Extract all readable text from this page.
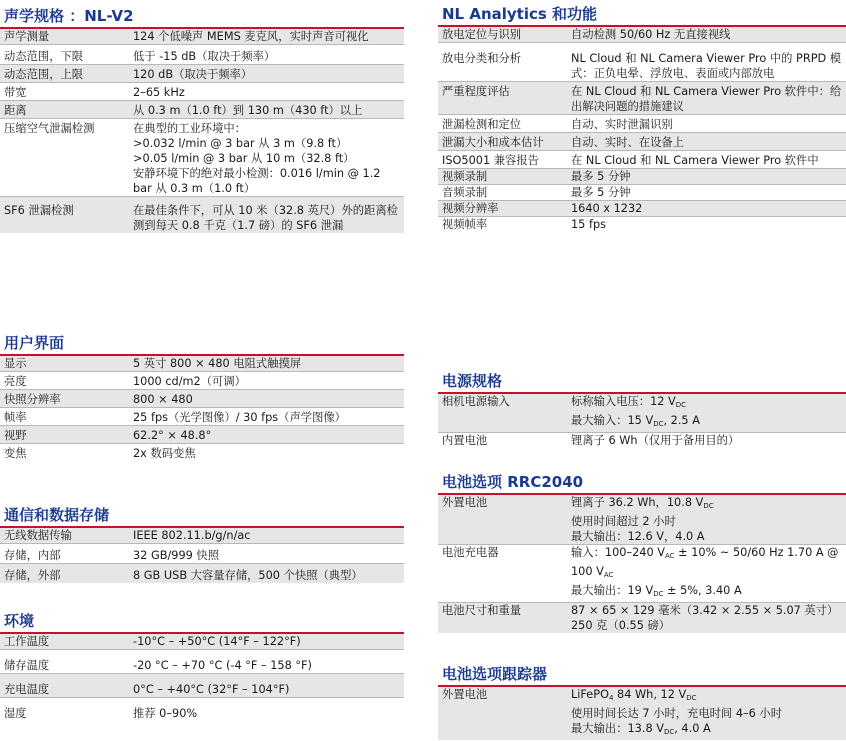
声学规格 ：NL-V2
声学测量	124 个低噪声 MEMS 麦克风，实时声音可视化
动态范围，下限	低于 -15 dB（取决于频率）
动态范围，上限	120 dB（取决于频率）
带宽	2–65 kHz
距离	从 0.3 m（1.0 ft）到 130 m（430 ft）以上
压缩空气泄漏检测	在典型的工业环境中：
>0.032 l/min @ 3 bar 从 3 m（9.8 ft）
>0.05 l/min @ 3 bar 从 10 m（32.8 ft）
安静环境下的绝对最小检测：0.016 l/min @ 1.2 bar 从 0.3 m（1.0 ft）
SF6 泄漏检测	在最佳条件下，可从 10 米（32.8 英尺）外的距离检测到每天 0.8 千克（1.7 磅）的 SF6 泄漏
用户界面
显示	5 英寸 800 × 480 电阻式触摸屏
亮度	1000 cd/m2（可调）
快照分辨率	800 × 480
帧率	25 fps（光学图像）/ 30 fps（声学图像）
视野	62.2° × 48.8°
变焦	2x 数码变焦
通信和数据存储
无线数据传输	IEEE 802.11.b/g/n/ac
存储，内部	32 GB/999 快照
存储，外部	8 GB USB 大容量存储，500 个快照（典型）
环境
工作温度	-10°C – +50°C (14°F – 122°F)
储存温度	-20 °C – +70 °C (-4 °F – 158 °F)
充电温度	0°C – +40°C (32°F – 104°F)
湿度	推荐 0–90%
NL Analytics 和功能
放电定位与识别	自动检测 50/60 Hz 无直接视线
放电分类和分析	NL Cloud 和 NL Camera Viewer Pro 中的 PRPD 模式：正负电晕、浮放电、表面或内部放电
严重程度评估	在 NL Cloud 和 NL Camera Viewer Pro 软件中：给出解决问题的措施建议
泄漏检测和定位	自动、实时泄漏识别
泄漏大小和成本估计	自动、实时、在设备上
ISO5001 兼容报告	在 NL Cloud 和 NL Camera Viewer Pro 软件中
视频录制	最多 5 分钟
音频录制	最多 5 分钟
视频分辨率	1640 x 1232
视频帧率	15 fps
电源规格
相机电源输入	标称输入电压：12 $V_{DC}$
最大输入：15 $V_{DC}$, 2.5 A
内置电池	锂离子 6 Wh（仅用于备用目的）
电池选项 RRC2040
外置电池	锂离子 36.2 Wh，10.8 $V_{DC}$
使用时间超过 2 小时
最大输出：12.6 V，4.0 A
电池充电器	输入：100–240 $V_{AC} \pm 10\%$ ~ 50/60 Hz 1.70 A @ 100 $V_{AC}$
最大输出：19 $V_{DC} \pm 5\%$, 3.40 A
电池尺寸和重量	87 × 65 × 129 毫米（3.42 × 2.55 × 5.07 英寸）
250 克（0.55 磅）
电池选项跟踪器
外置电池	LiFePO$_4$ 84 Wh, 12 $V_{DC}$
使用时间长达 7 小时，充电时间 4–6 小时
最大输出：13.8 $V_{DC}$, 4.0 A
